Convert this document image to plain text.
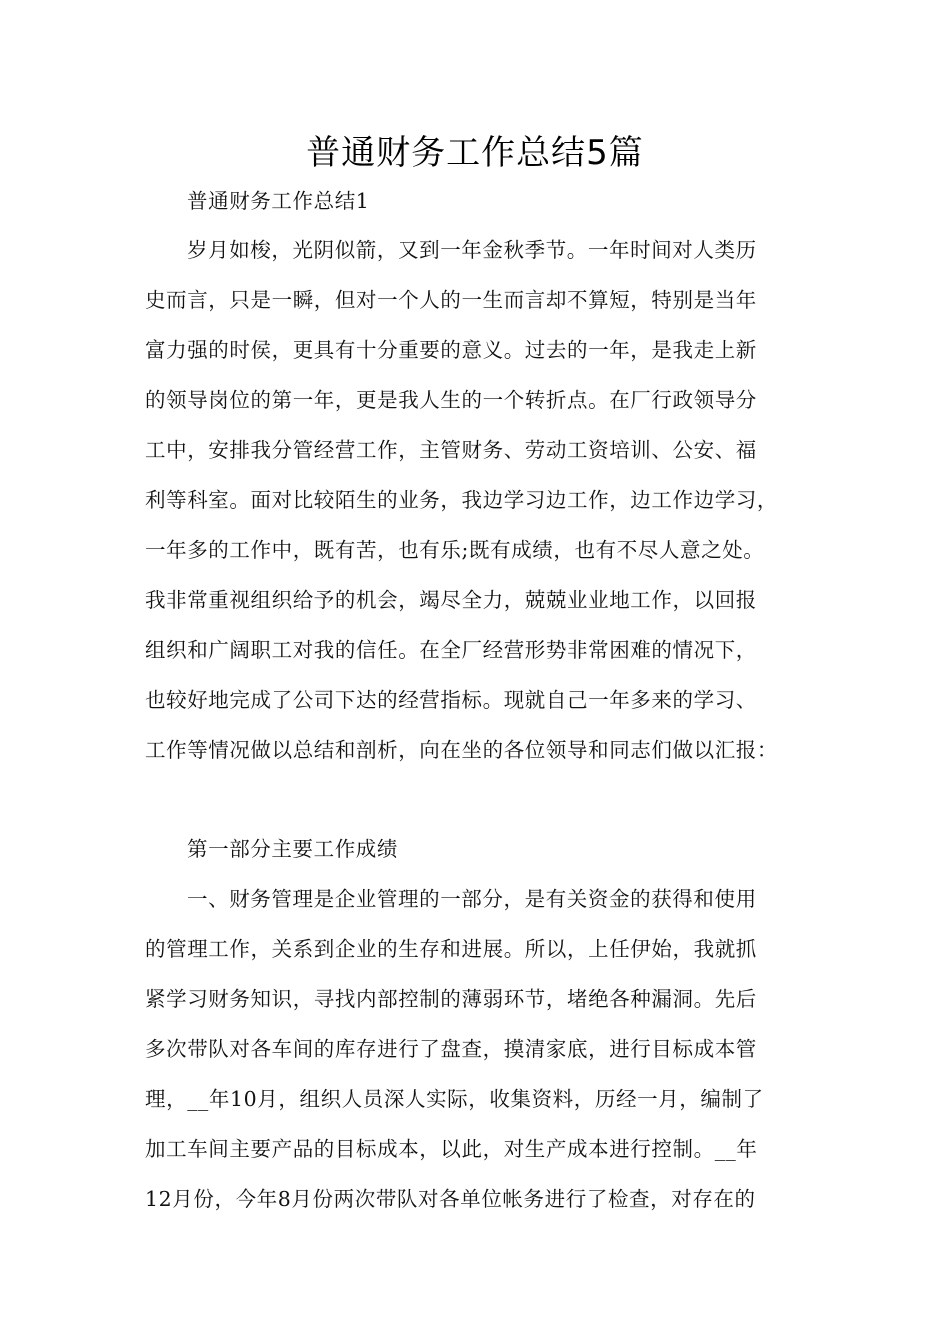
普通财务工作总结5篇
普通财务工作总结1
岁月如梭，光阴似箭，又到一年金秋季节。一年时间对人类历
史而言，只是一瞬，但对一个人的一生而言却不算短，特别是当年
富力强的时侯，更具有十分重要的意义。过去的一年，是我走上新
的领导岗位的第一年，更是我人生的一个转折点。在厂行政领导分
工中，安排我分管经营工作，主管财务、劳动工资培训、公安、福
利等科室。面对比较陌生的业务，我边学习边工作，边工作边学习，
一年多的工作中，既有苦，也有乐;既有成绩，也有不尽人意之处。
我非常重视组织给予的机会，竭尽全力，兢兢业业地工作，以回报
组织和广阔职工对我的信任。在全厂经营形势非常困难的情况下，
也较好地完成了公司下达的经营指标。现就自己一年多来的学习、
工作等情况做以总结和剖析，向在坐的各位领导和同志们做以汇报：
第一部分主要工作成绩
一、财务管理是企业管理的一部分，是有关资金的获得和使用
的管理工作，关系到企业的生存和进展。所以，上任伊始，我就抓
紧学习财务知识，寻找内部控制的薄弱环节，堵绝各种漏洞。先后
多次带队对各车间的库存进行了盘查，摸清家底，进行目标成本管
理，__年10月，组织人员深人实际，收集资料，历经一月，编制了
加工车间主要产品的目标成本，以此，对生产成本进行控制。__年
12月份，今年8月份两次带队对各单位帐务进行了检查，对存在的
